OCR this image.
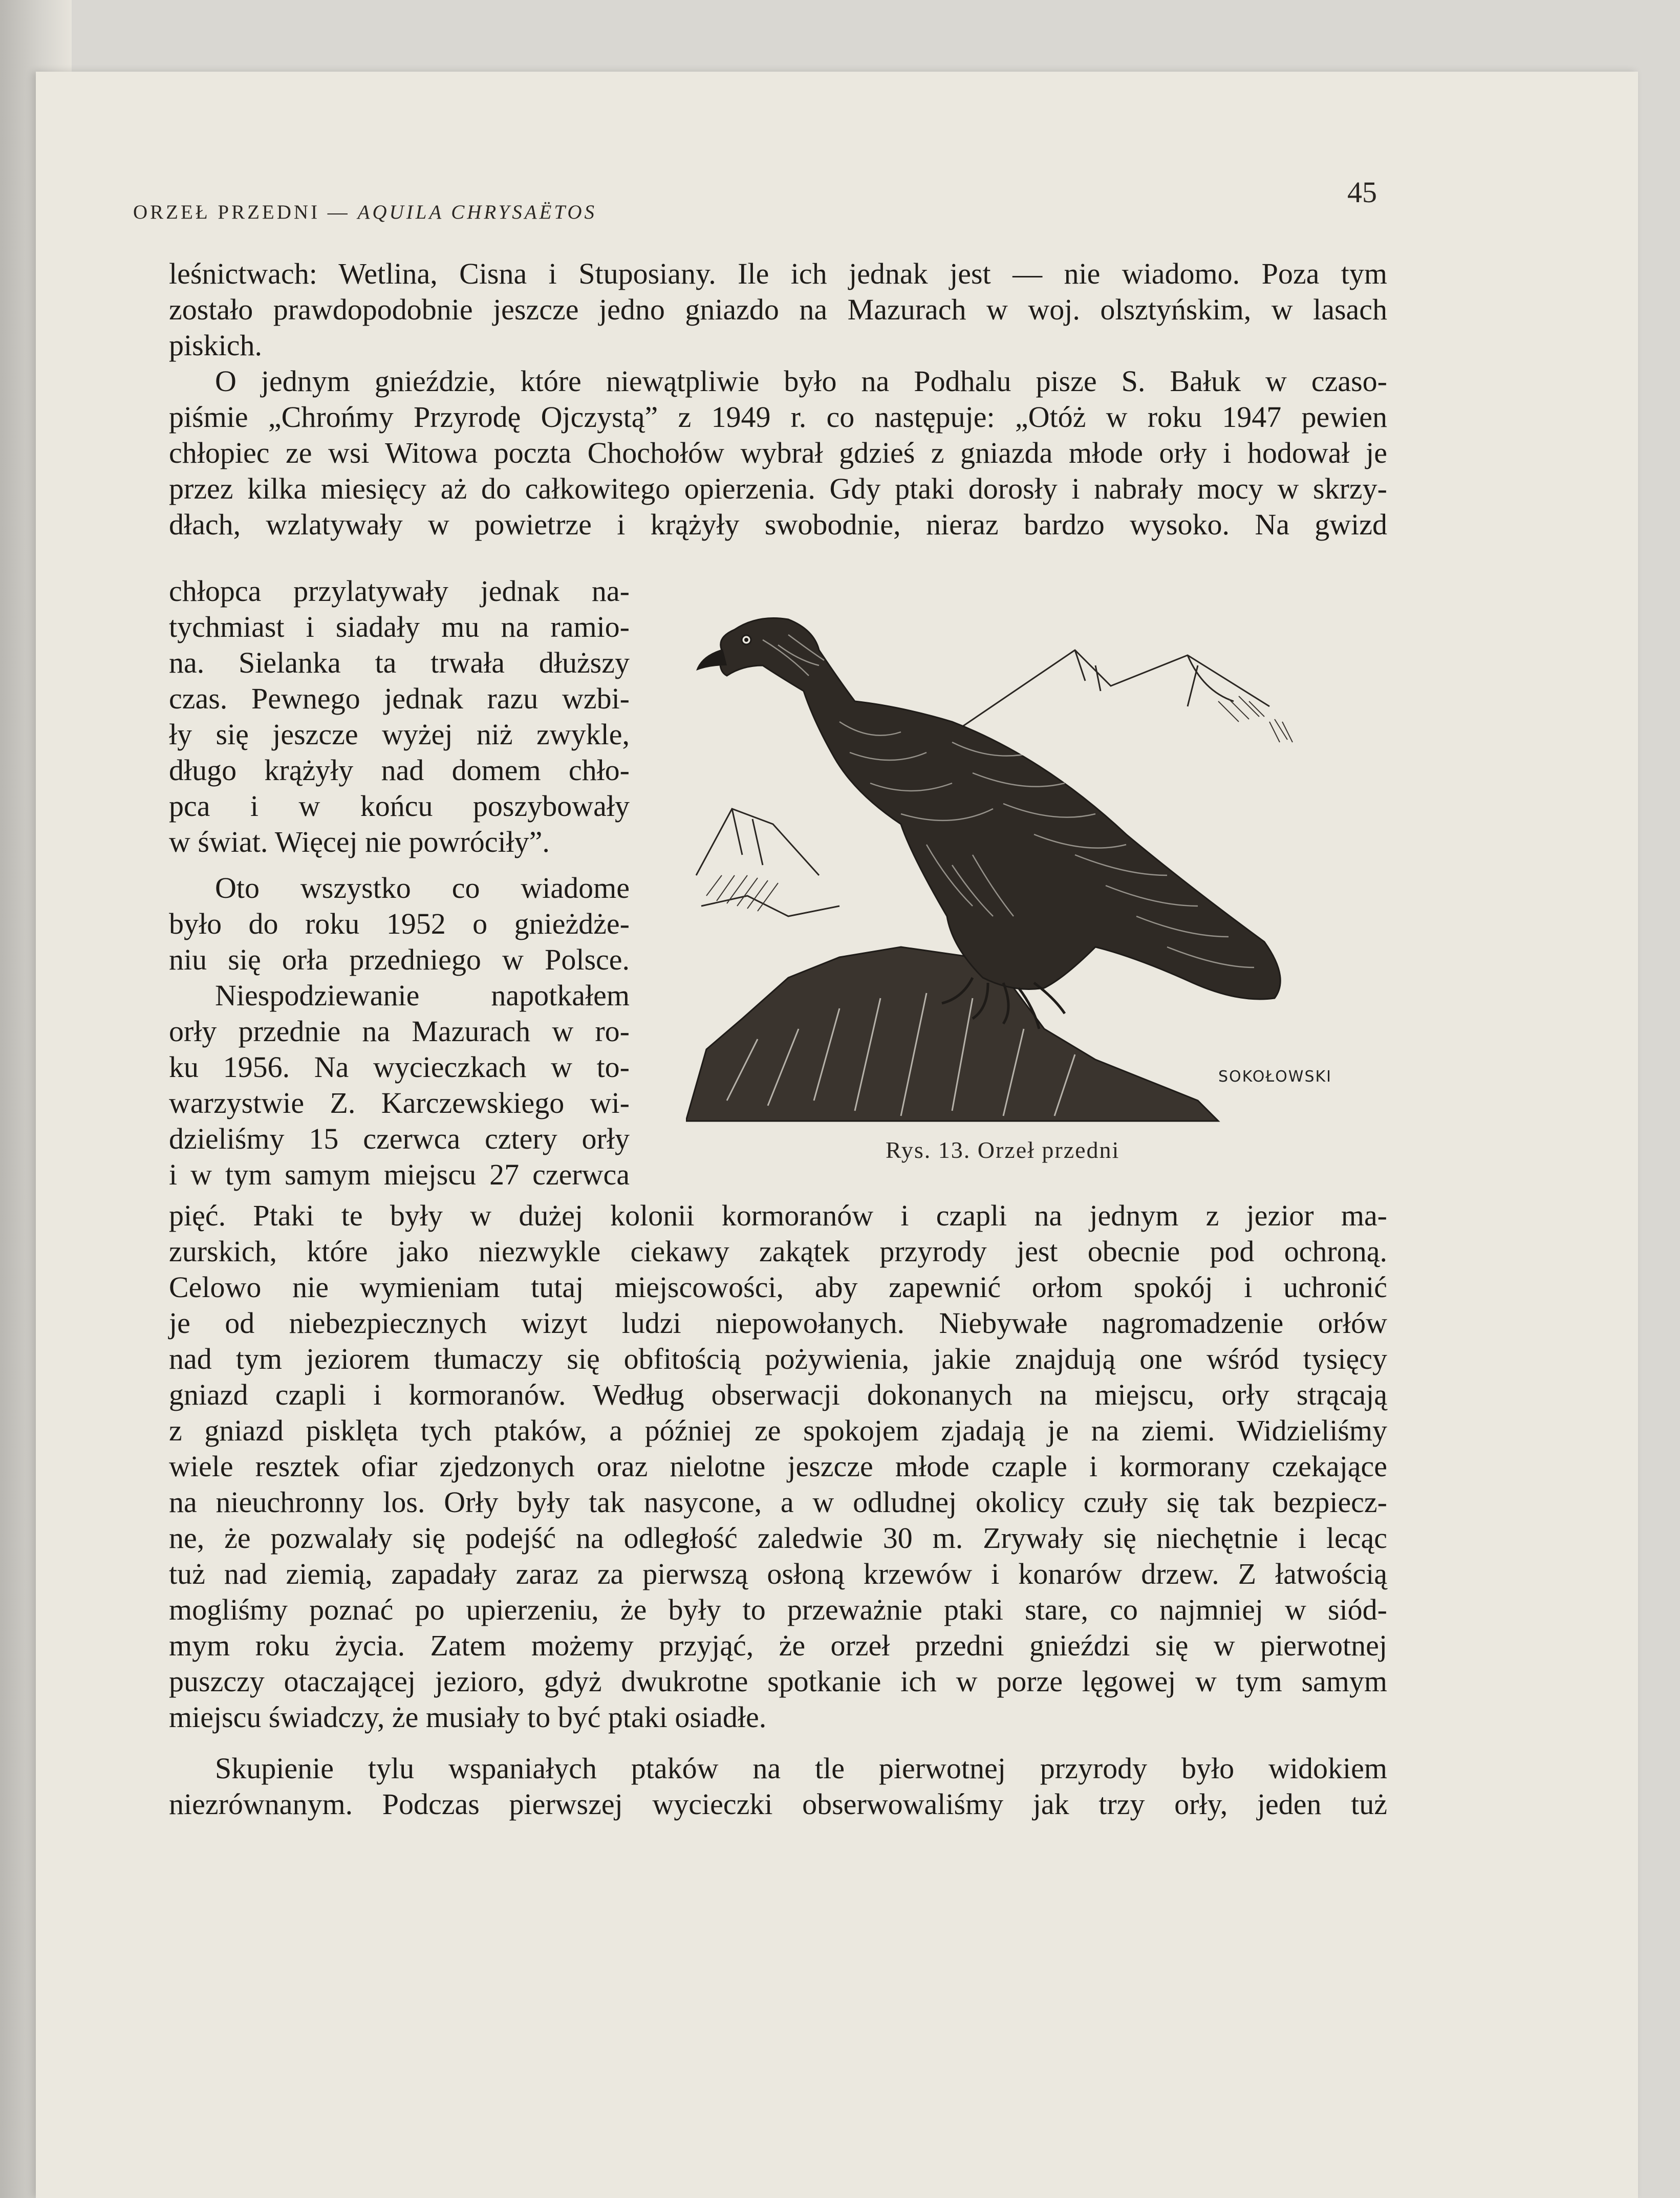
ORZEŁ PRZEDNI — AQUILA CHRYSAËTOS
45
leśnictwach: Wetlina, Cisna i Stuposiany. Ile ich jednak jest — nie wiadomo. Poza tym
zostało prawdopodobnie jeszcze jedno gniazdo na Mazurach w woj. olsztyńskim, w lasach
piskich.
O jednym gnieździe, które niewątpliwie było na Podhalu pisze S. Bałuk w czaso-
piśmie „Chrońmy Przyrodę Ojczystą” z 1949 r. co następuje: „Otóż w roku 1947 pewien
chłopiec ze wsi Witowa poczta Chochołów wybrał gdzieś z gniazda młode orły i hodował je
przez kilka miesięcy aż do całkowitego opierzenia. Gdy ptaki dorosły i nabrały mocy w skrzy-
dłach, wzlatywały w powietrze i krążyły swobodnie, nieraz bardzo wysoko. Na gwizd
chłopca przylatywały jednak na-
tychmiast i siadały mu na ramio-
na. Sielanka ta trwała dłuższy
czas. Pewnego jednak razu wzbi-
ły się jeszcze wyżej niż zwykle,
długo krążyły nad domem chło-
pca i w końcu poszybowały
w świat. Więcej nie powróciły”.
Oto wszystko co wiadome
było do roku 1952 o gnieżdże-
niu się orła przedniego w Polsce.
Niespodziewanie napotkałem
orły przednie na Mazurach w ro-
ku 1956. Na wycieczkach w to-
warzystwie Z. Karczewskiego wi-
dzieliśmy 15 czerwca cztery orły
i w tym samym miejscu 27 czerwca
SOKOŁOWSKI
Rys. 13. Orzeł przedni
pięć. Ptaki te były w dużej kolonii kormoranów i czapli na jednym z jezior ma-
zurskich, które jako niezwykle ciekawy zakątek przyrody jest obecnie pod ochroną.
Celowo nie wymieniam tutaj miejscowości, aby zapewnić orłom spokój i uchronić
je od niebezpiecznych wizyt ludzi niepowołanych. Niebywałe nagromadzenie orłów
nad tym jeziorem tłumaczy się obfitością pożywienia, jakie znajdują one wśród tysięcy
gniazd czapli i kormoranów. Według obserwacji dokonanych na miejscu, orły strącają
z gniazd pisklęta tych ptaków, a później ze spokojem zjadają je na ziemi. Widzieliśmy
wiele resztek ofiar zjedzonych oraz nielotne jeszcze młode czaple i kormorany czekające
na nieuchronny los. Orły były tak nasycone, a w odludnej okolicy czuły się tak bezpiecz-
ne, że pozwalały się podejść na odległość zaledwie 30 m. Zrywały się niechętnie i lecąc
tuż nad ziemią, zapadały zaraz za pierwszą osłoną krzewów i konarów drzew. Z łatwością
mogliśmy poznać po upierzeniu, że były to przeważnie ptaki stare, co najmniej w siód-
mym roku życia. Zatem możemy przyjąć, że orzeł przedni gnieździ się w pierwotnej
puszczy otaczającej jezioro, gdyż dwukrotne spotkanie ich w porze lęgowej w tym samym
miejscu świadczy, że musiały to być ptaki osiadłe.
Skupienie tylu wspaniałych ptaków na tle pierwotnej przyrody było widokiem
niezrównanym. Podczas pierwszej wycieczki obserwowaliśmy jak trzy orły, jeden tuż
